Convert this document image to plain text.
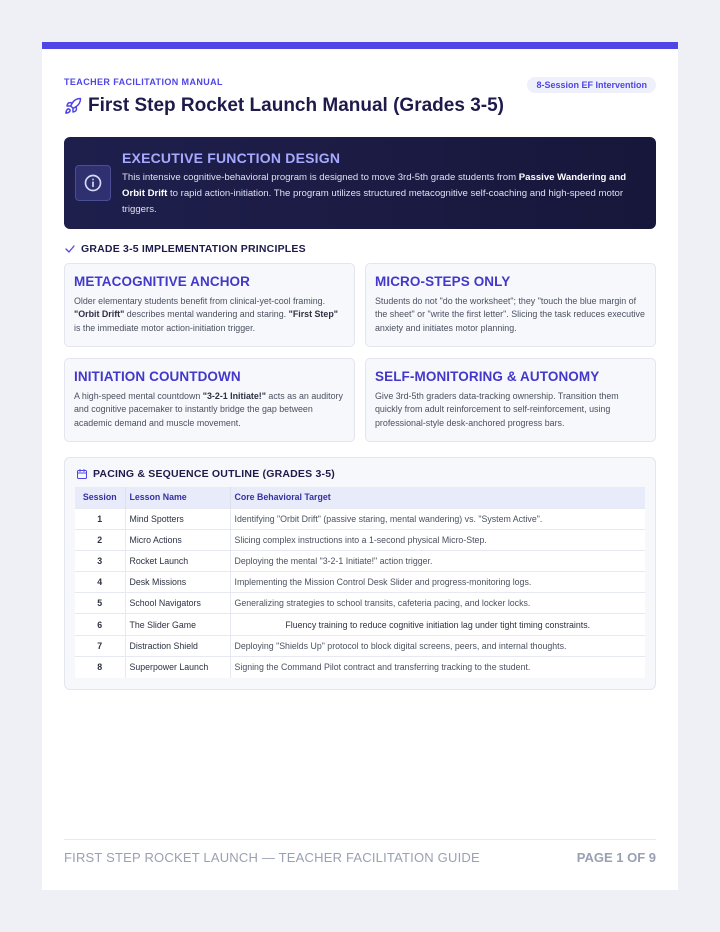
TEACHER FACILITATION MANUAL	8-Session EF Intervention
First Step Rocket Launch Manual (Grades 3-5)
EXECUTIVE FUNCTION DESIGN
This intensive cognitive-behavioral program is designed to move 3rd-5th grade students from Passive Wandering and Orbit Drift to rapid action-initiation. The program utilizes structured metacognitive self-coaching and high-speed motor triggers.
GRADE 3-5 IMPLEMENTATION PRINCIPLES
METACOGNITIVE ANCHOR
Older elementary students benefit from clinical-yet-cool framing. "Orbit Drift" describes mental wandering and staring. "First Step" is the immediate motor action-initiation trigger.
MICRO-STEPS ONLY
Students do not "do the worksheet"; they "touch the blue margin of the sheet" or "write the first letter". Slicing the task reduces executive anxiety and initiates motor planning.
INITIATION COUNTDOWN
A high-speed mental countdown "3-2-1 Initiate!" acts as an auditory and cognitive pacemaker to instantly bridge the gap between academic demand and muscle movement.
SELF-MONITORING & AUTONOMY
Give 3rd-5th graders data-tracking ownership. Transition them quickly from adult reinforcement to self-reinforcement, using professional-style desk-anchored progress bars.
PACING & SEQUENCE OUTLINE (GRADES 3-5)
Session	Lesson Name	Core Behavioral Target
1	Mind Spotters	Identifying "Orbit Drift" (passive staring, mental wandering) vs. "System Active".
2	Micro Actions	Slicing complex instructions into a 1-second physical Micro-Step.
3	Rocket Launch	Deploying the mental "3-2-1 Initiate!" action trigger.
4	Desk Missions	Implementing the Mission Control Desk Slider and progress-monitoring logs.
5	School Navigators	Generalizing strategies to school transits, cafeteria pacing, and locker locks.
6	The Slider Game	Fluency training to reduce cognitive initiation lag under tight timing constraints.
7	Distraction Shield	Deploying "Shields Up" protocol to block digital screens, peers, and internal thoughts.
8	Superpower Launch	Signing the Command Pilot contract and transferring tracking to the student.
FIRST STEP ROCKET LAUNCH — TEACHER FACILITATION GUIDE	PAGE 1 OF 9
